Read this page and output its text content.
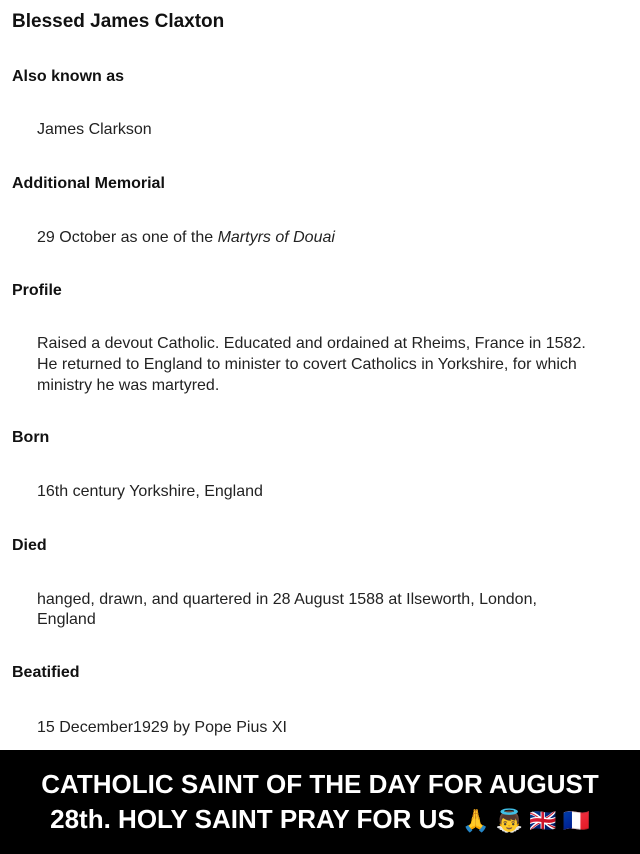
Blessed James Claxton
Also known as
James Clarkson
Additional Memorial
29 October as one of the Martyrs of Douai
Profile
Raised a devout Catholic. Educated and ordained at Rheims, France in 1582.
He returned to England to minister to covert Catholics in Yorkshire, for which
ministry he was martyred.
Born
16th century Yorkshire, England
Died
hanged, drawn, and quartered in 28 August 1588 at Ilseworth, London,
England
Beatified
15 December1929 by Pope Pius XI
CATHOLIC SAINT OF THE DAY FOR AUGUST
28th. HOLY SAINT PRAY FOR US 🙏 👼 🇬🇧 🇫🇷
